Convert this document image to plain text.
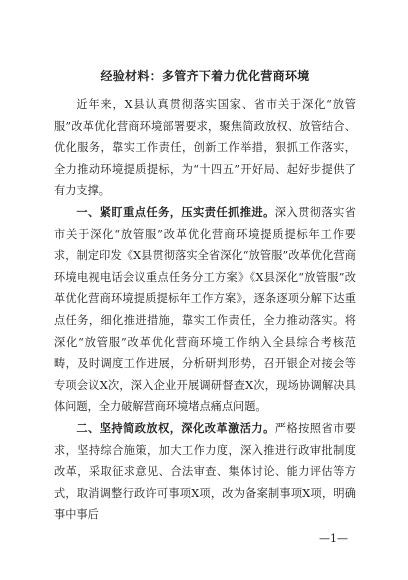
经验材料：多管齐下着力优化营商环境

近年来，X县认真贯彻落实国家、省市关于深化“放管服”改革优化营商环境部署要求，聚焦简政放权、放管结合、优化服务，靠实工作责任，创新工作举措，狠抓工作落实，全力推动环境提质提标，为“十四五”开好局、起好步提供了有力支撑。

一、紧盯重点任务，压实责任抓推进。深入贯彻落实省市关于深化“放管服”改革优化营商环境提质提标年工作要求，制定印发《X县贯彻落实全省深化“放管服”改革优化营商环境电视电话会议重点任务分工方案》《X县深化“放管服”改革优化营商环境提质提标年工作方案》，逐条逐项分解下达重点任务，细化推进措施，靠实工作责任，全力推动落实。将深化“放管服”改革优化营商环境工作纳入全县综合考核范畴，及时调度工作进展，分析研判形势，召开银企对接会等专项会议X次，深入企业开展调研督查X次，现场协调解决具体问题，全力破解营商环境堵点痛点问题。

二、坚持简政放权，深化改革激活力。严格按照省市要求，坚持综合施策，加大工作力度，深入推进行政审批制度改革，采取征求意见、合法审查、集体讨论、能力评估等方式，取消调整行政许可事项X项，改为备案制事项X项，明确事中事后

—1—
